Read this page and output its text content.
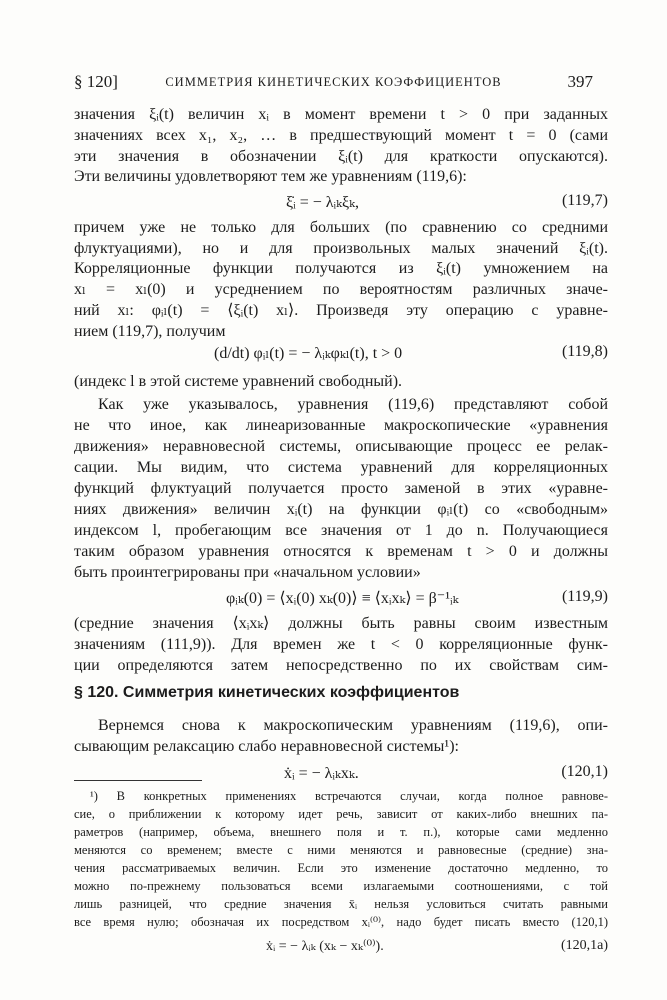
§ 120]	СИММЕТРИЯ КИНЕТИЧЕСКИХ КОЭФФИЦИЕНТОВ	397
значения ξᵢ(t) величин xᵢ в момент времени t > 0 при заданных
значениях всех x₁, x₂, … в предшествующий момент t = 0 (сами
эти значения в обозначении ξᵢ(t) для краткости опускаются).
Эти величины удовлетворяют тем же уравнениям (119,6):
ξ̇ᵢ = − λᵢₖξₖ,	(119,7)
причем уже не только для больших (по сравнению со средними
флуктуациями), но и для произвольных малых значений ξᵢ(t).
Корреляционные функции получаются из ξᵢ(t) умножением на
xₗ = xₗ(0) и усреднением по вероятностям различных значе-
ний xₗ: φᵢₗ(t) = ⟨ξᵢ(t) xₗ⟩. Произведя эту операцию с уравне-
нием (119,7), получим
(d/dt) φᵢₗ(t) = − λᵢₖφₖₗ(t), t > 0	(119,8)
(индекс l в этой системе уравнений свободный).
Как уже указывалось, уравнения (119,6) представляют собой
не что иное, как линеаризованные макроскопические «уравнения
движения» неравновесной системы, описывающие процесс ее релак-
сации. Мы видим, что система уравнений для корреляционных
функций флуктуаций получается просто заменой в этих «уравне-
ниях движения» величин xᵢ(t) на функции φᵢₗ(t) со «свободным»
индексом l, пробегающим все значения от 1 до n. Получающиеся
таким образом уравнения относятся к временам t > 0 и должны
быть проинтегрированы при «начальном условии»
φᵢₖ(0) = ⟨xᵢ(0) xₖ(0)⟩ ≡ ⟨xᵢxₖ⟩ = β⁻¹ᵢₖ	(119,9)
(средние значения ⟨xᵢxₖ⟩ должны быть равны своим известным
значениям (111,9)). Для времен же t < 0 корреляционные функ-
ции определяются затем непосредственно по их свойствам сим-
§ 120. Симметрия кинетических коэффициентов
Вернемся снова к макроскопическим уравнениям (119,6), опи-
сывающим релаксацию слабо неравновесной системы¹):
ẋᵢ = − λᵢₖxₖ.	(120,1)
¹) В конкретных применениях встречаются случаи, когда полное равнове-
сие, о приближении к которому идет речь, зависит от каких-либо внешних па-
раметров (например, объема, внешнего поля и т. п.), которые сами медленно
меняются со временем; вместе с ними меняются и равновесные (средние) зна-
чения рассматриваемых величин. Если это изменение достаточно медленно, то
можно по-прежнему пользоваться всеми излагаемыми соотношениями, с той
лишь разницей, что средние значения x̄ᵢ нельзя условиться считать равными
все время нулю; обозначая их посредством xᵢ⁽⁰⁾, надо будет писать вместо (120,1)
ẋᵢ = − λᵢₖ (xₖ − xₖ⁽⁰⁾).	(120,1a)
